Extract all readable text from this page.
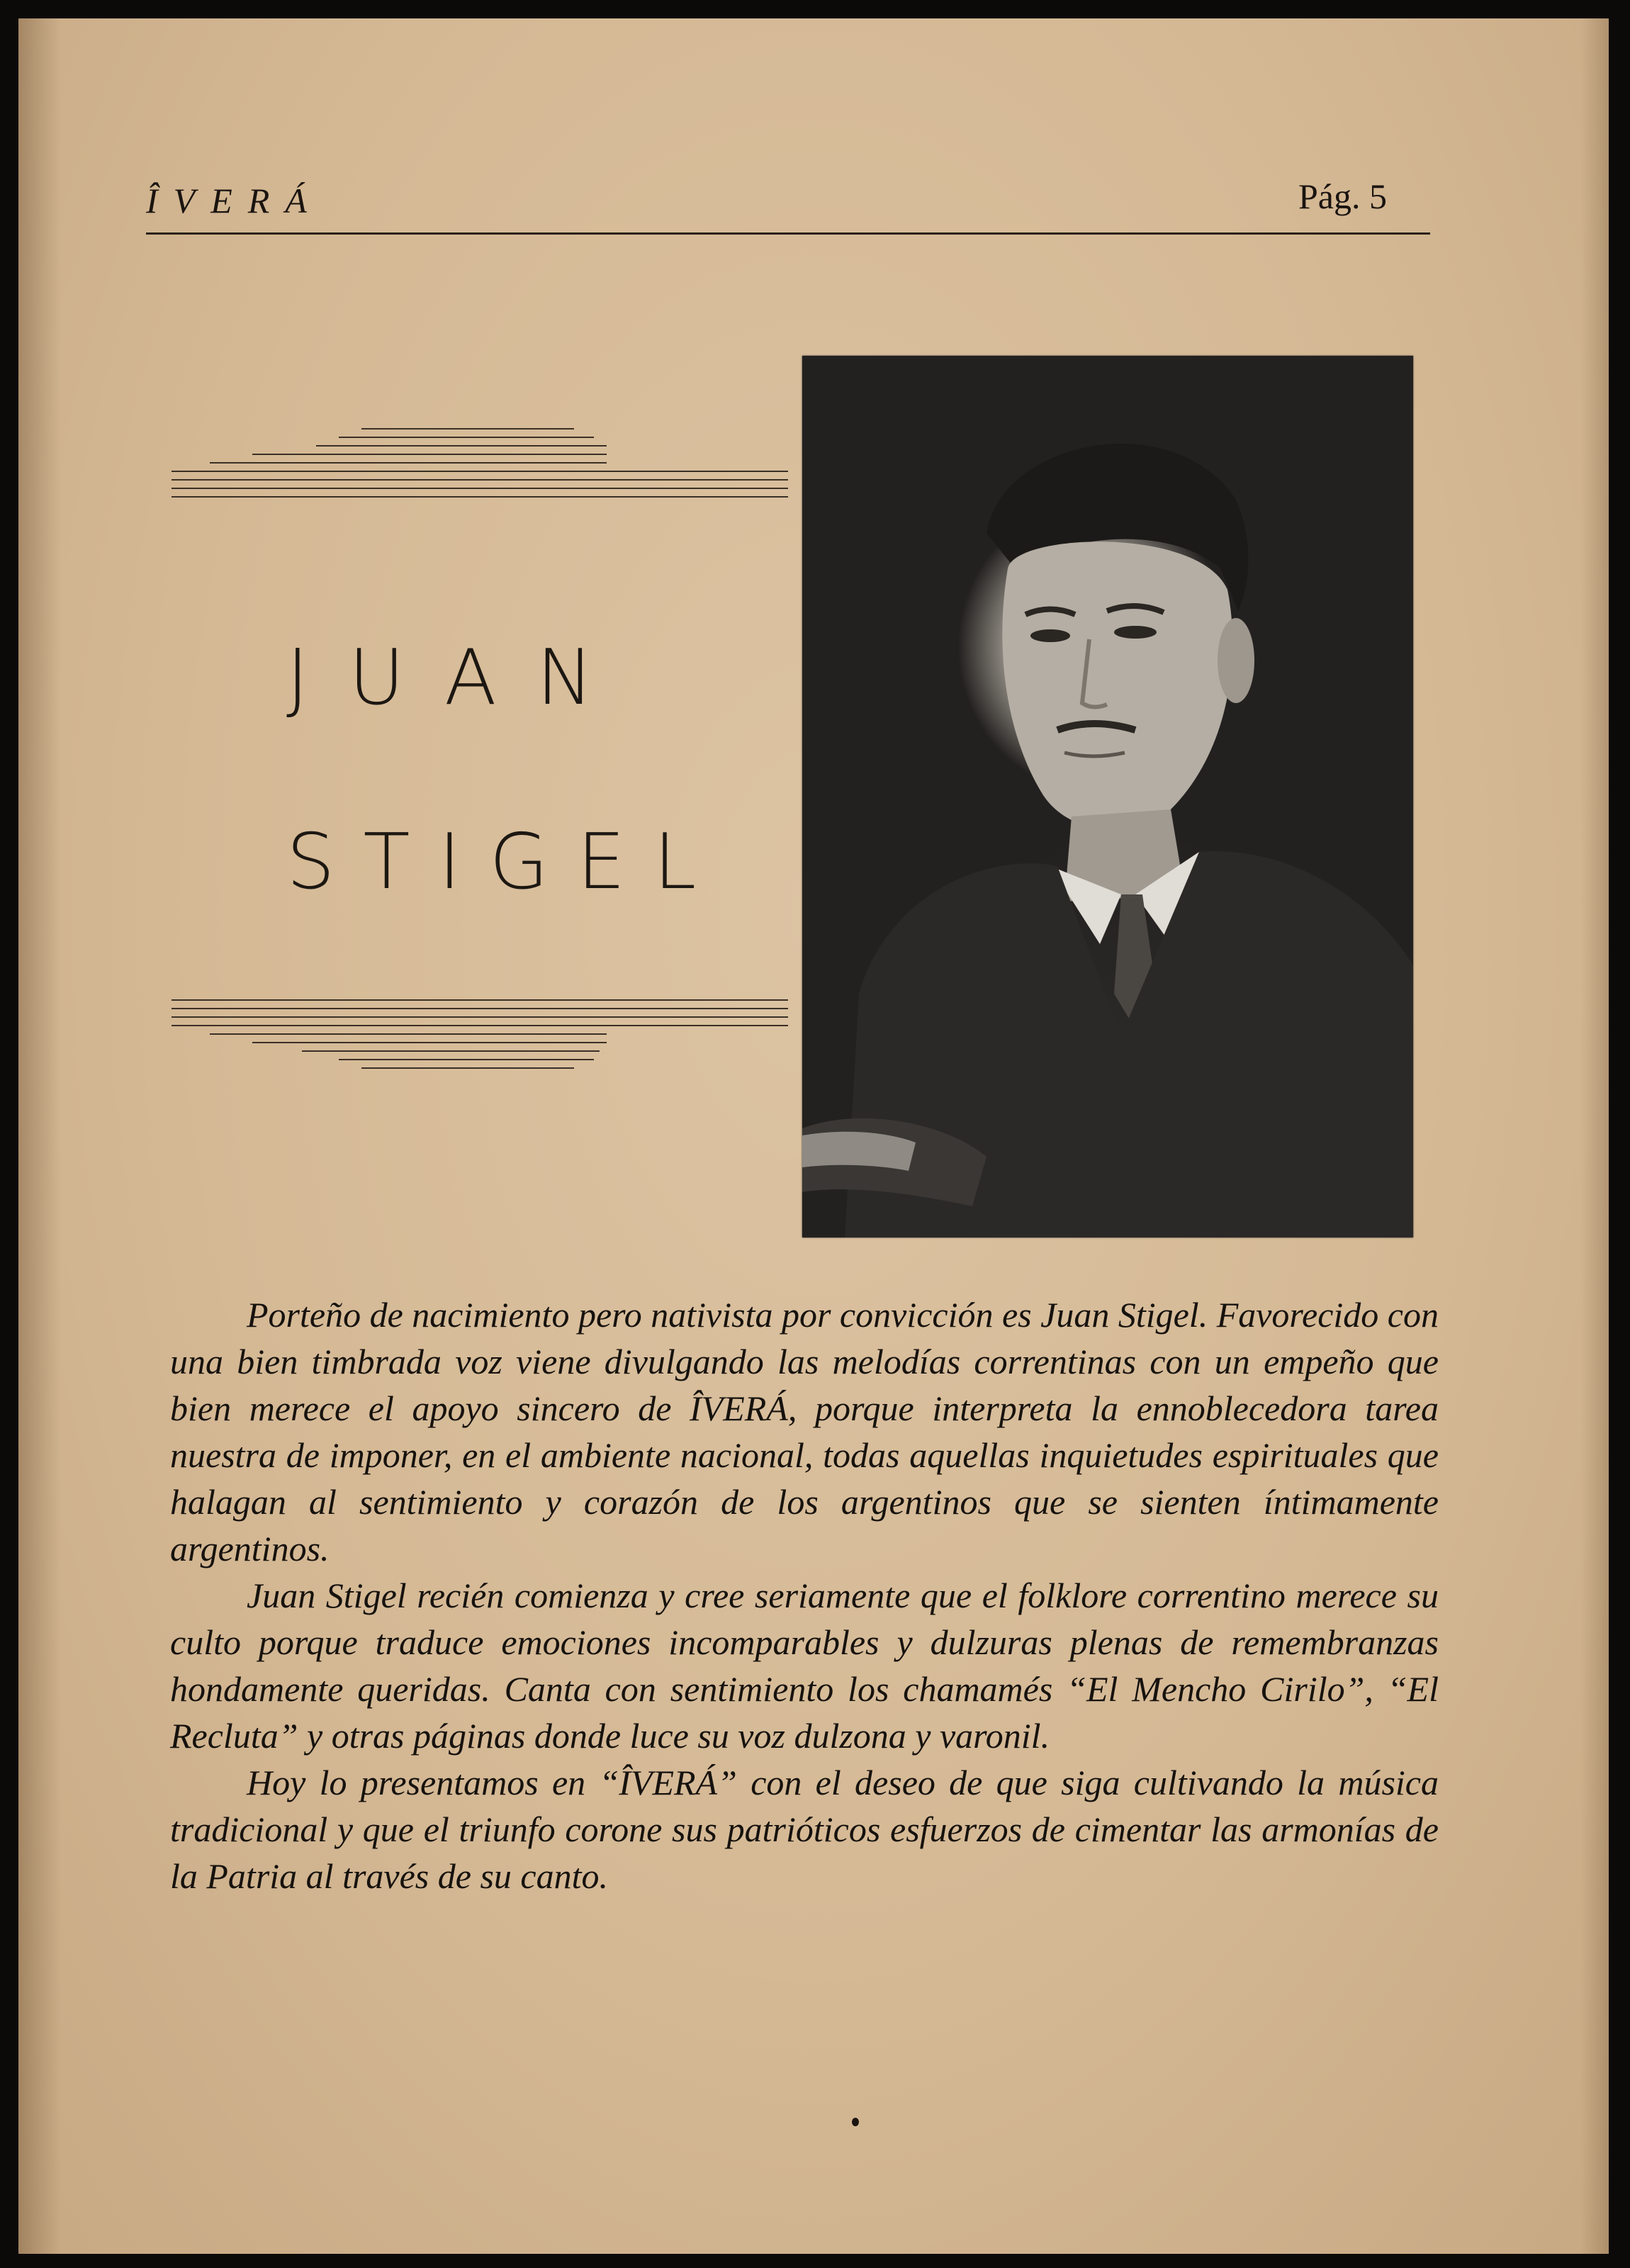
ÎVERÁ	Pág. 5
JUAN
STIGEL

Porteño de nacimiento pero nativista por convicción es Juan Stigel. Favorecido con una bien timbrada voz viene divulgando las melodías correntinas con un empeño que bien merece el apoyo sincero de ÎVERÁ, porque interpreta la ennoblecedora tarea nuestra de imponer, en el ambiente nacional, todas aquellas inquietudes espirituales que halagan al sentimiento y corazón de los argentinos que se sienten íntimamente argentinos.

Juan Stigel recién comienza y cree seriamente que el folklore correntino merece su culto porque traduce emociones incomparables y dulzuras plenas de remembranzas hondamente queridas. Canta con sentimiento los chamamés “El Mencho Cirilo”, “El Recluta” y otras páginas donde luce su voz dulzona y varonil.

Hoy lo presentamos en “ÎVERÁ” con el deseo de que siga cultivando la música tradicional y que el triunfo corone sus patrióticos esfuerzos de cimentar las armonías de la Patria al través de su canto.
